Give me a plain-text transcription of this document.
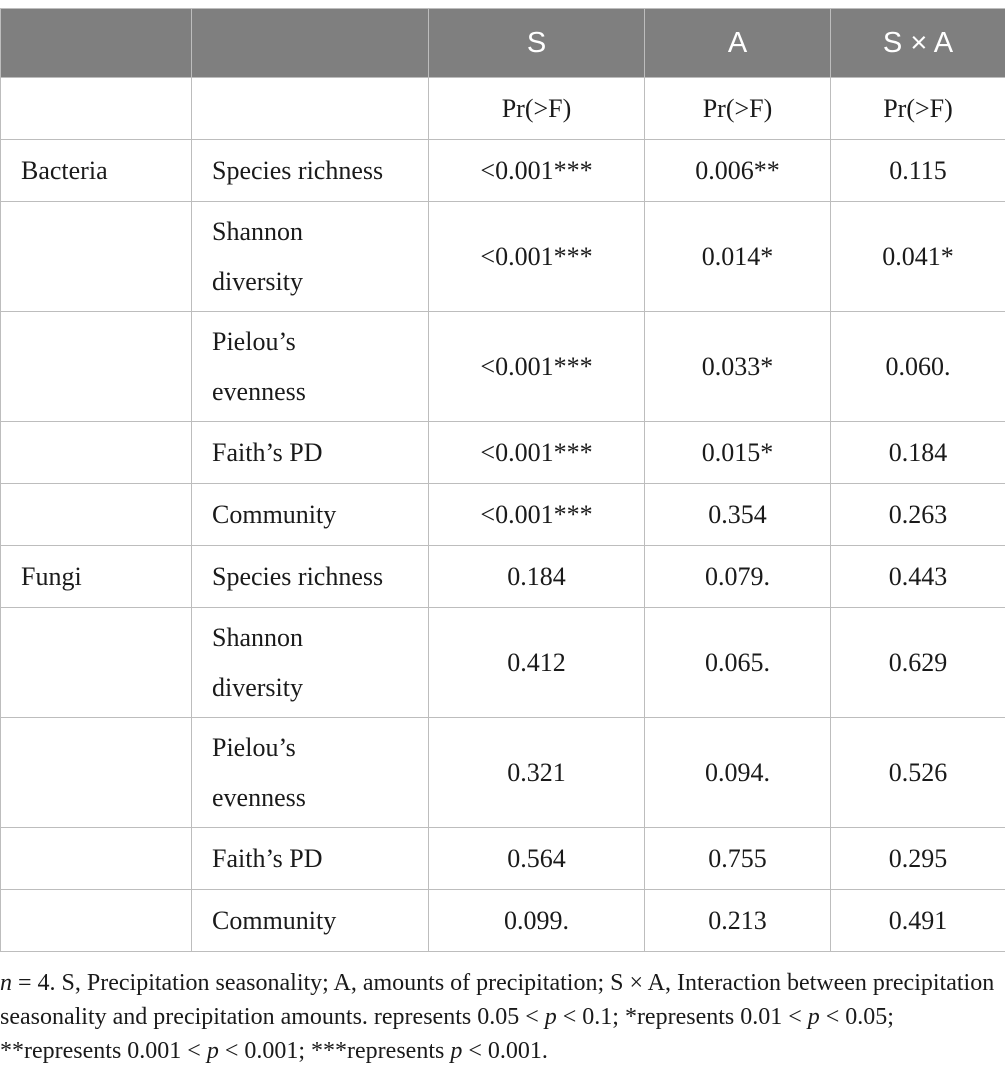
		S	A	S × A
		Pr(>F)	Pr(>F)	Pr(>F)
Bacteria	Species richness	<0.001***	0.006**	0.115
	Shannon diversity	<0.001***	0.014*	0.041*
	Pielou’s evenness	<0.001***	0.033*	0.060.
	Faith’s PD	<0.001***	0.015*	0.184
	Community	<0.001***	0.354	0.263
Fungi	Species richness	0.184	0.079.	0.443
	Shannon diversity	0.412	0.065.	0.629
	Pielou’s evenness	0.321	0.094.	0.526
	Faith’s PD	0.564	0.755	0.295
	Community	0.099.	0.213	0.491
n = 4. S, Precipitation seasonality; A, amounts of precipitation; S × A, Interaction between precipitation seasonality and precipitation amounts. represents 0.05 < p < 0.1; *represents 0.01 < p < 0.05; **represents 0.001 < p < 0.001; ***represents p < 0.001.
